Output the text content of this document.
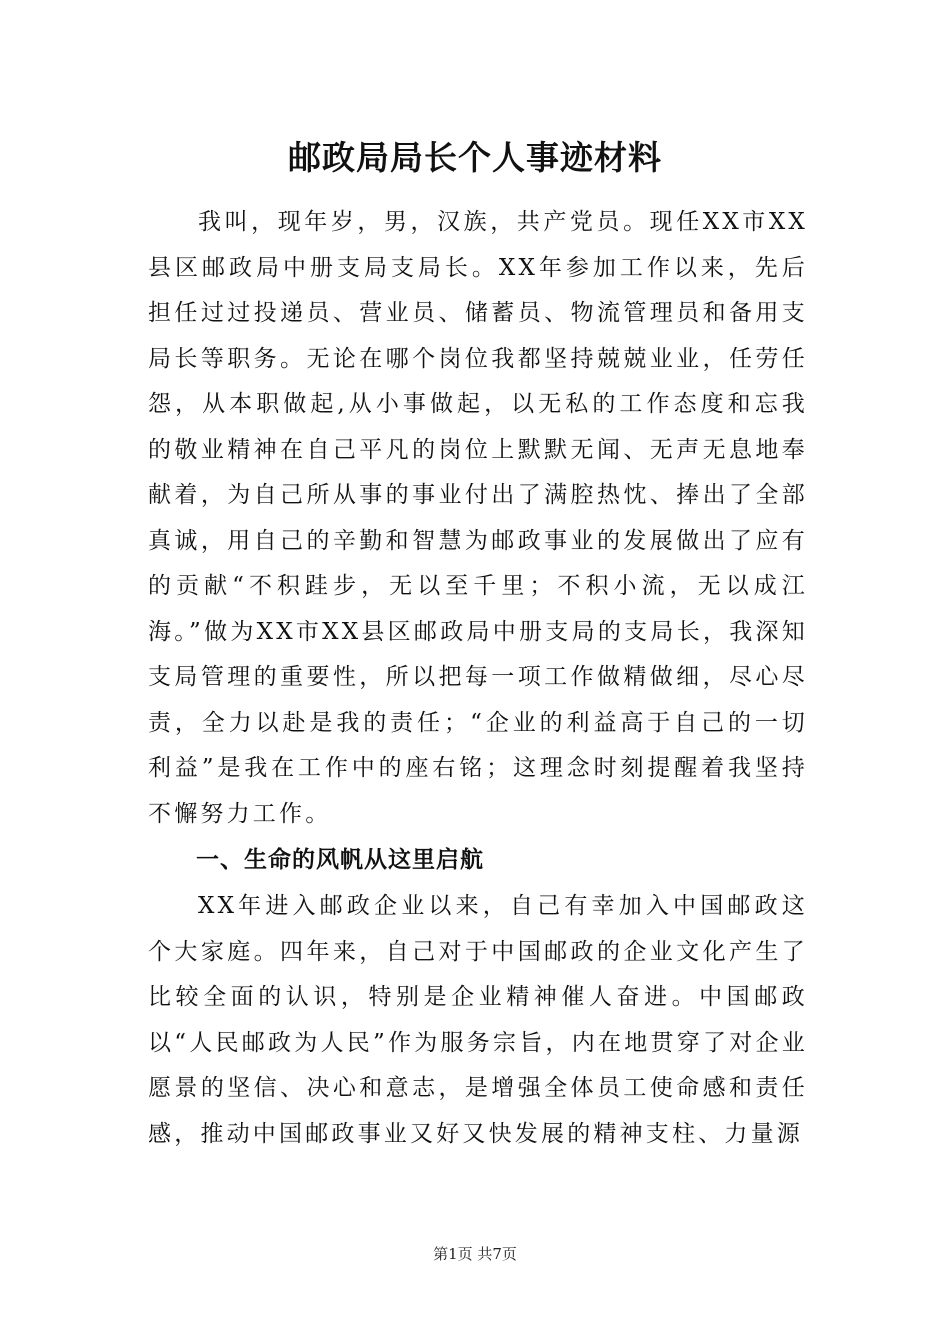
邮政局局长个人事迹材料

我叫，现年岁，男，汉族，共产党员。现任XX市XX县区邮政局中册支局支局长。XX年参加工作以来，先后担任过过投递员、营业员、储蓄员、物流管理员和备用支局长等职务。无论在哪个岗位我都坚持兢兢业业，任劳任怨，从本职做起,从小事做起，以无私的工作态度和忘我的敬业精神在自己平凡的岗位上默默无闻、无声无息地奉献着，为自己所从事的事业付出了满腔热忱、捧出了全部真诚，用自己的辛勤和智慧为邮政事业的发展做出了应有的贡献“不积跬步，无以至千里；不积小流，无以成江海。”做为XX市XX县区邮政局中册支局的支局长，我深知支局管理的重要性，所以把每一项工作做精做细，尽心尽责，全力以赴是我的责任；“企业的利益高于自己的一切利益”是我在工作中的座右铭；这理念时刻提醒着我坚持不懈努力工作。

一、生命的风帆从这里启航

XX年进入邮政企业以来，自己有幸加入中国邮政这个大家庭。四年来，自己对于中国邮政的企业文化产生了比较全面的认识，特别是企业精神催人奋进。中国邮政以“人民邮政为人民”作为服务宗旨，内在地贯穿了对企业愿景的坚信、决心和意志，是增强全体员工使命感和责任感，推动中国邮政事业又好又快发展的精神支柱、力量源

第1页 共7页
